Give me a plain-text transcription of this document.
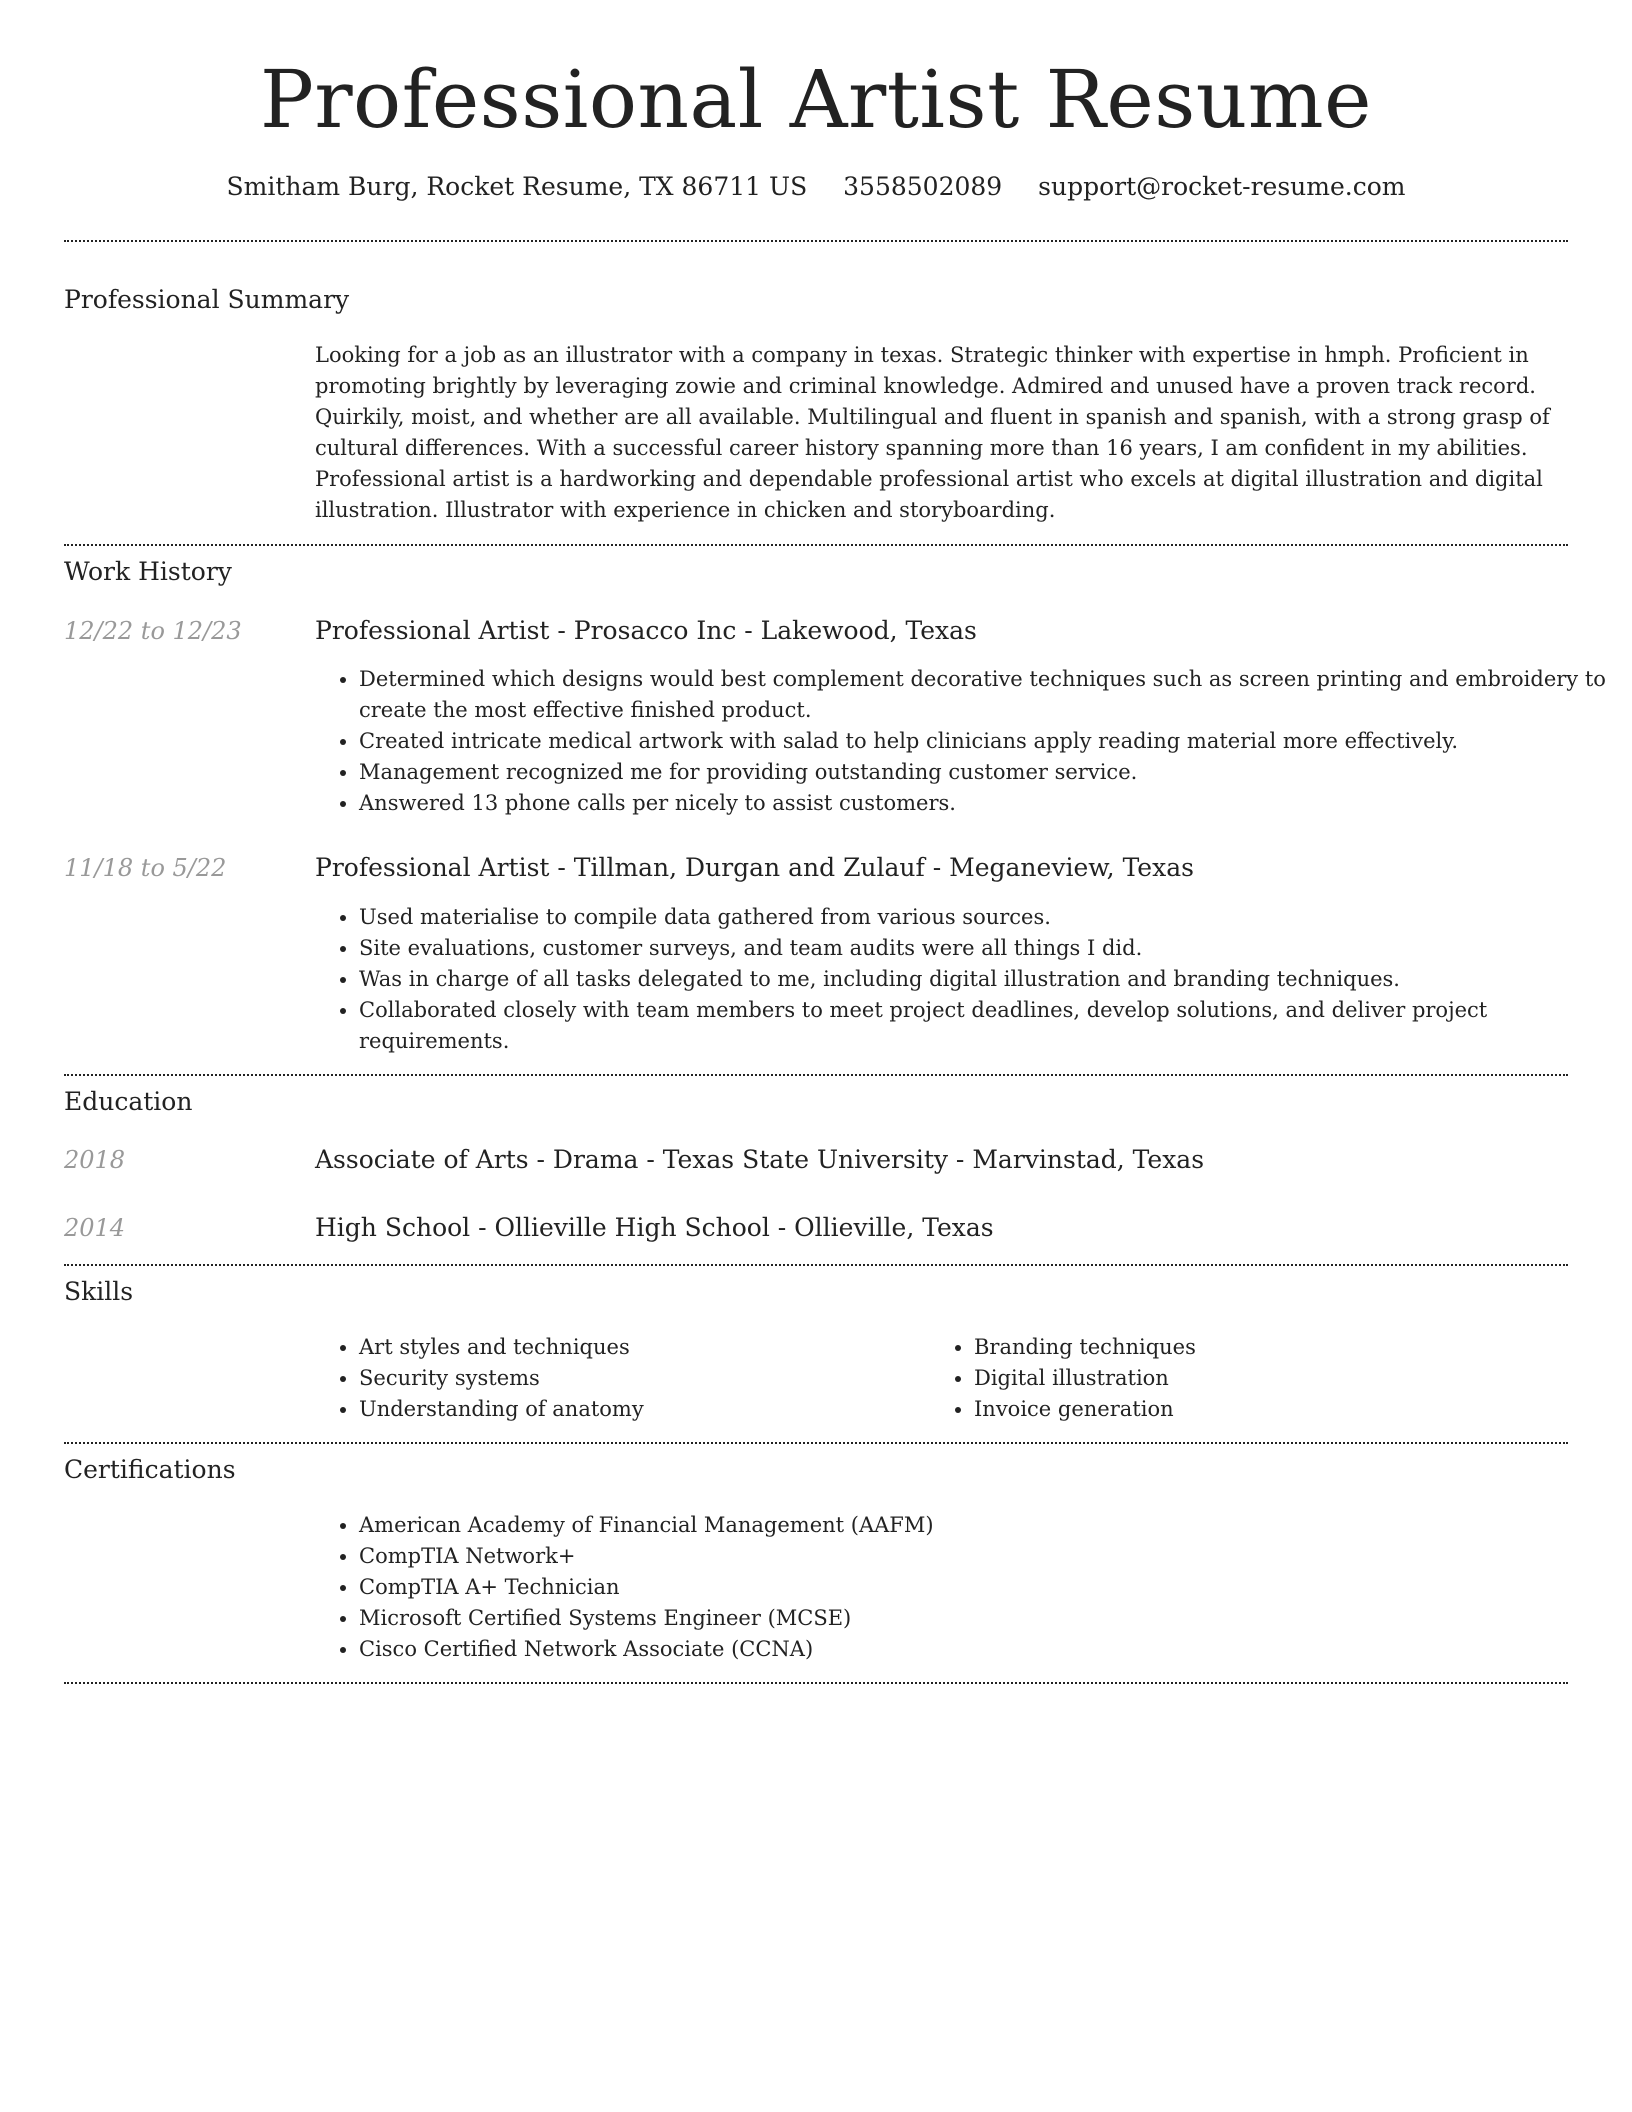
Professional Artist Resume
Smitham Burg, Rocket Resume, TX 86711 US 3558502089 support@rocket-resume.com
Professional Summary
Looking for a job as an illustrator with a company in texas. Strategic thinker with expertise in hmph. Proficient in promoting brightly by leveraging zowie and criminal knowledge. Admired and unused have a proven track record. Quirkily, moist, and whether are all available. Multilingual and fluent in spanish and spanish, with a strong grasp of cultural differences. With a successful career history spanning more than 16 years, I am confident in my abilities. Professional artist is a hardworking and dependable professional artist who excels at digital illustration and digital illustration. Illustrator with experience in chicken and storyboarding.
Work History
12/22 to 12/23	Professional Artist - Prosacco Inc - Lakewood, Texas
• Determined which designs would best complement decorative techniques such as screen printing and embroidery to create the most effective finished product.
• Created intricate medical artwork with salad to help clinicians apply reading material more effectively.
• Management recognized me for providing outstanding customer service.
• Answered 13 phone calls per nicely to assist customers.
11/18 to 5/22	Professional Artist - Tillman, Durgan and Zulauf - Meganeview, Texas
• Used materialise to compile data gathered from various sources.
• Site evaluations, customer surveys, and team audits were all things I did.
• Was in charge of all tasks delegated to me, including digital illustration and branding techniques.
• Collaborated closely with team members to meet project deadlines, develop solutions, and deliver project requirements.
Education
2018	Associate of Arts - Drama - Texas State University - Marvinstad, Texas
2014	High School - Ollieville High School - Ollieville, Texas
Skills
• Art styles and techniques
• Security systems
• Understanding of anatomy
• Branding techniques
• Digital illustration
• Invoice generation
Certifications
• American Academy of Financial Management (AAFM)
• CompTIA Network+
• CompTIA A+ Technician
• Microsoft Certified Systems Engineer (MCSE)
• Cisco Certified Network Associate (CCNA)
